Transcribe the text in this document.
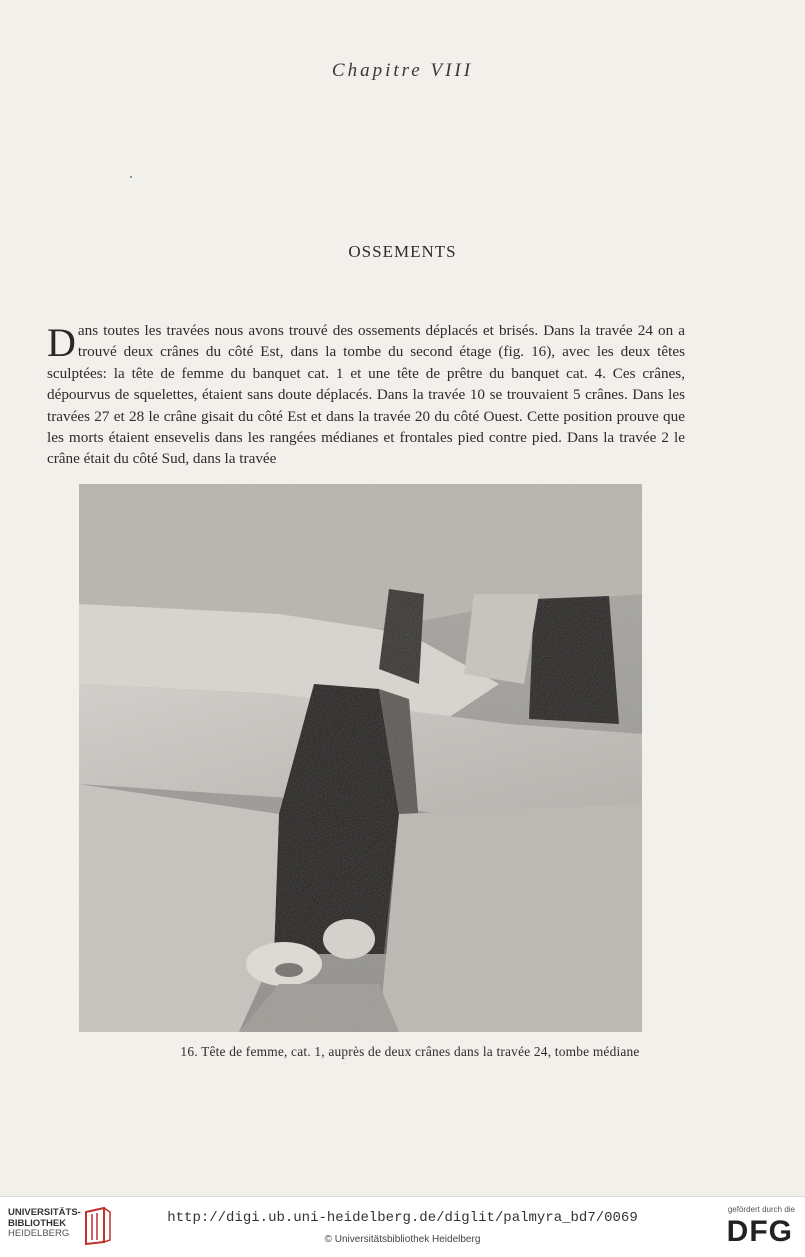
Chapitre VIII
OSSEMENTS
Dans toutes les travées nous avons trouvé des ossements déplacés et brisés. Dans la travée 24 on a trouvé deux crânes du côté Est, dans la tombe du second étage (fig. 16), avec les deux têtes sculptées: la tête de femme du banquet cat. 1 et une tête de prêtre du banquet cat. 4. Ces crânes, dépourvus de squelettes, étaient sans doute déplacés. Dans la travée 10 se trouvaient 5 crânes. Dans les travées 27 et 28 le crâne gisait du côté Est et dans la travée 20 du côté Ouest. Cette position prouve que les morts étaient ensevelis dans les rangées médianes et frontales pied contre pied. Dans la travée 2 le crâne était du côté Sud, dans la travée
16. Tête de femme, cat. 1, auprès de deux crânes dans la travée 24, tombe médiane
UNIVERSITÄTS-
BIBLIOTHEK
HEIDELBERG
http://digi.ub.uni-heidelberg.de/diglit/palmyra_bd7/0069
© Universitätsbibliothek Heidelberg
gefördert durch die
DFG
